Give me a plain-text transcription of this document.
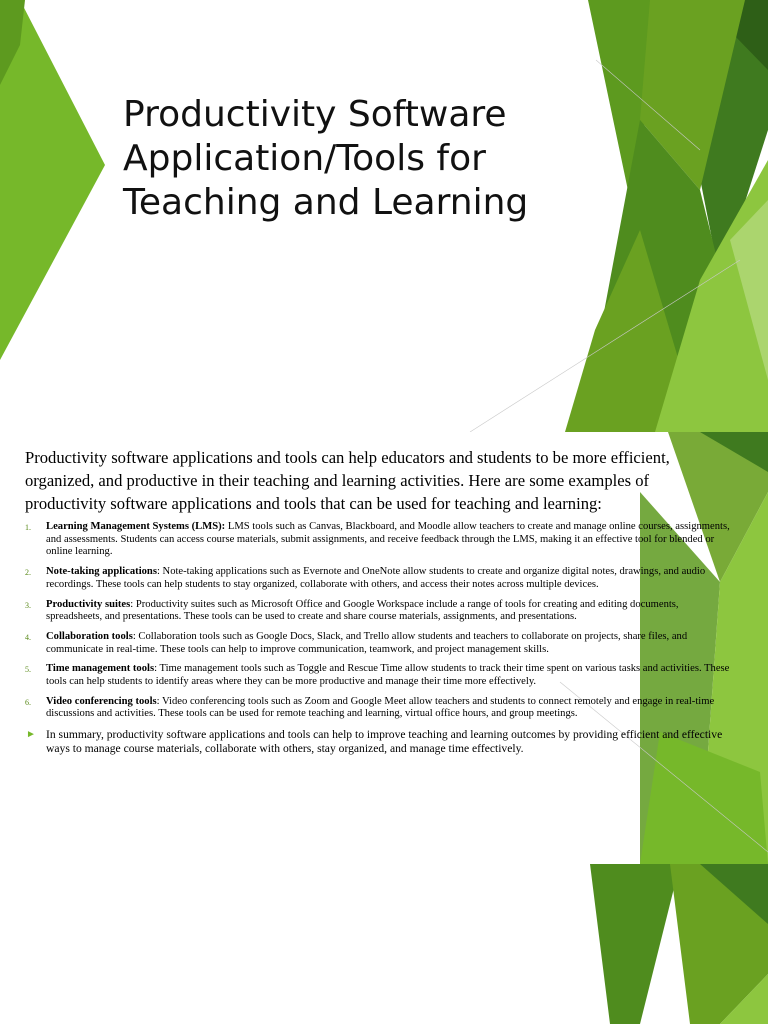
Productivity Software Application/Tools for Teaching and Learning

Productivity software applications and tools can help educators and students to be more efficient, organized, and productive in their teaching and learning activities. Here are some examples of productivity software applications and tools that can be used for teaching and learning:

1. Learning Management Systems (LMS): LMS tools such as Canvas, Blackboard, and Moodle allow teachers to create and manage online courses, assignments, and assessments. Students can access course materials, submit assignments, and receive feedback through the LMS, making it an effective tool for blended or online learning.
2. Note-taking applications: Note-taking applications such as Evernote and OneNote allow students to create and organize digital notes, drawings, and audio recordings. These tools can help students to stay organized, collaborate with others, and access their notes across multiple devices.
3. Productivity suites: Productivity suites such as Microsoft Office and Google Workspace include a range of tools for creating and editing documents, spreadsheets, and presentations. These tools can be used to create and share course materials, assignments, and presentations.
4. Collaboration tools: Collaboration tools such as Google Docs, Slack, and Trello allow students and teachers to collaborate on projects, share files, and communicate in real-time. These tools can help to improve communication, teamwork, and project management skills.
5. Time management tools: Time management tools such as Toggle and Rescue Time allow students to track their time spent on various tasks and activities. These tools can help students to identify areas where they can be more productive and manage their time more effectively.
6. Video conferencing tools: Video conferencing tools such as Zoom and Google Meet allow teachers and students to connect remotely and engage in real-time discussions and activities. These tools can be used for remote teaching and learning, virtual office hours, and group meetings.
► In summary, productivity software applications and tools can help to improve teaching and learning outcomes by providing efficient and effective ways to manage course materials, collaborate with others, stay organized, and manage time effectively.
